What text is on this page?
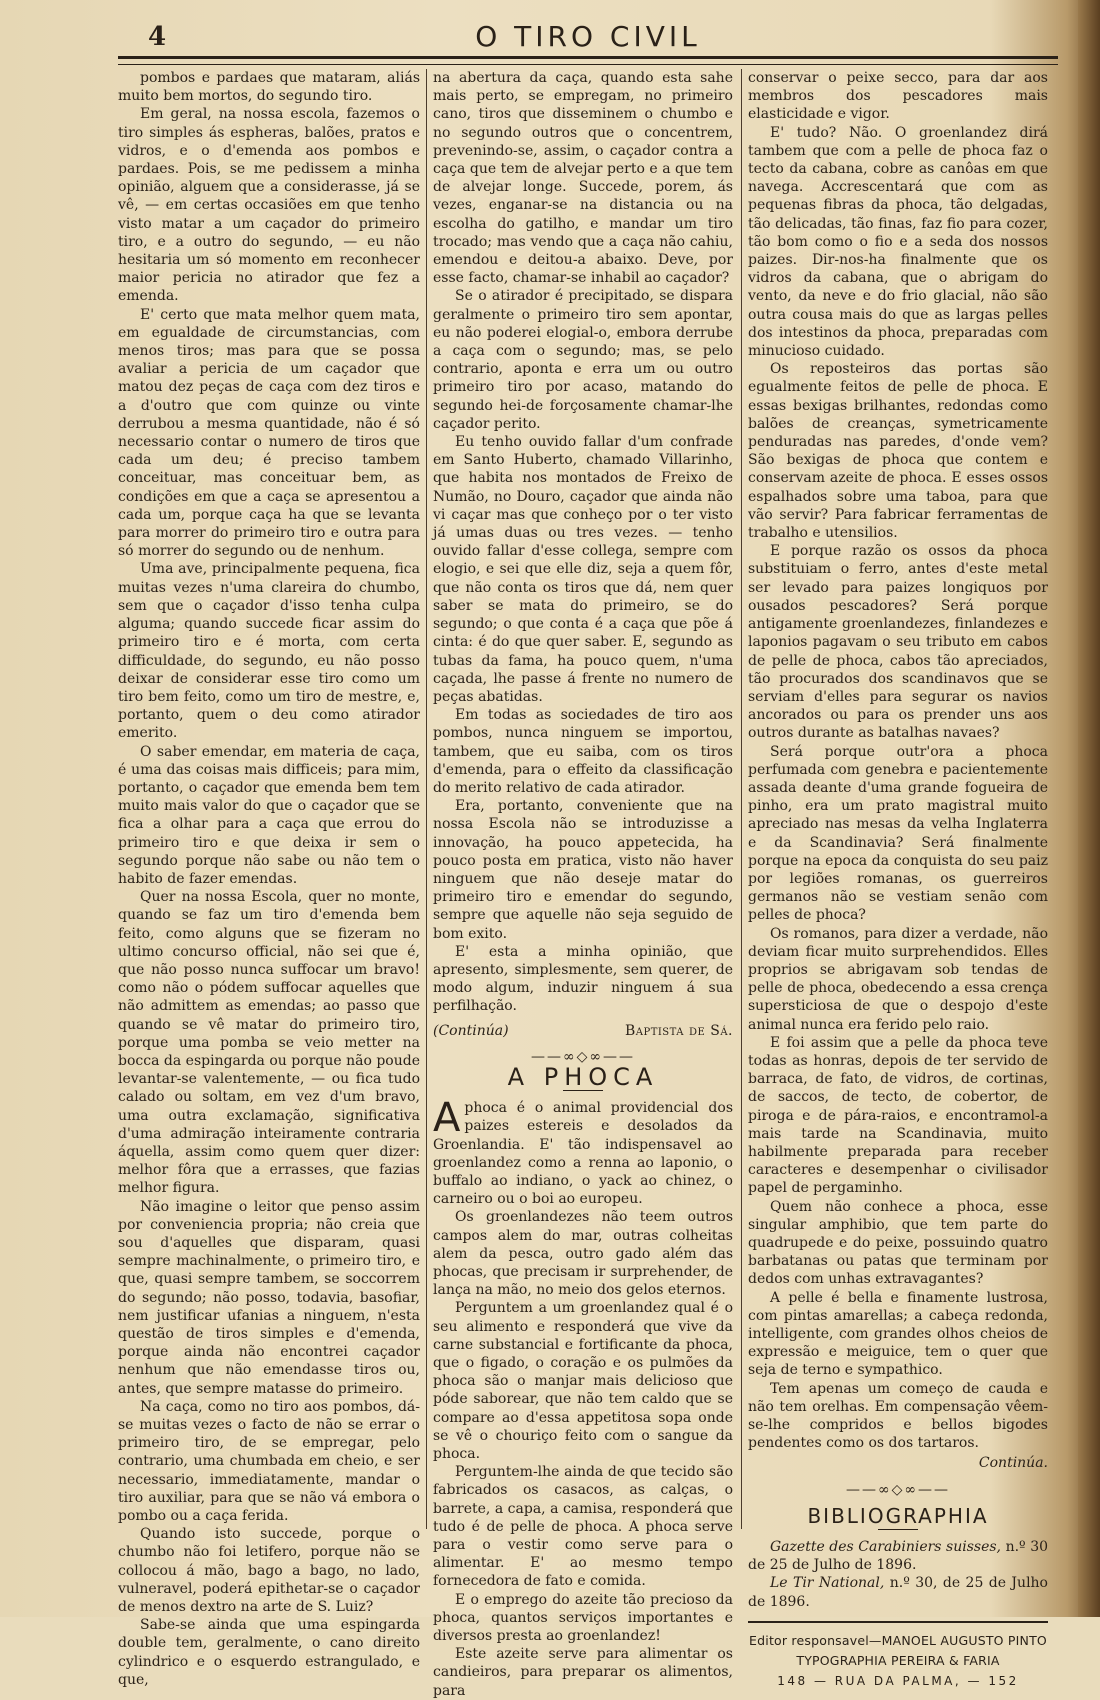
O TIRO CIVIL
4

pombos e pardaes que mataram, aliás muito bem mortos, do segundo tiro.

Em geral, na nossa escola, fazemos o tiro simples ás espheras, balões, pratos e vidros, e o d'emenda aos pombos e pardaes. Pois, se me pedissem a minha opinião, alguem que a considerasse, já se vê, — em certas occasiões em que tenho visto matar a um caçador do primeiro tiro, e a outro do segundo, — eu não hesitaria um só momento em reconhecer maior pericia no atirador que fez a emenda.

E' certo que mata melhor quem mata, em egualdade de circumstancias, com menos tiros; mas para que se possa avaliar a pericia de um caçador que matou dez peças de caça com dez tiros e a d'outro que com quinze ou vinte derrubou a mesma quantidade, não é só necessario contar o numero de tiros que cada um deu; é preciso tambem conceituar, mas conceituar bem, as condições em que a caça se apresentou a cada um, porque caça ha que se levanta para morrer do primeiro tiro e outra para só morrer do segundo ou de nenhum.

Uma ave, principalmente pequena, fica muitas vezes n'uma clareira do chumbo, sem que o caçador d'isso tenha culpa alguma; quando succede ficar assim do primeiro tiro e é morta, com certa difficuldade, do segundo, eu não posso deixar de considerar esse tiro como um tiro bem feito, como um tiro de mestre, e, portanto, quem o deu como atirador emerito.

O saber emendar, em materia de caça, é uma das coisas mais difficeis; para mim, portanto, o caçador que emenda bem tem muito mais valor do que o caçador que se fica a olhar para a caça que errou do primeiro tiro e que deixa ir sem o segundo porque não sabe ou não tem o habito de fazer emendas.

Quer na nossa Escola, quer no monte, quando se faz um tiro d'emenda bem feito, como alguns que se fizeram no ultimo concurso official, não sei que é, que não posso nunca suffocar um bravo! como não o pódem suffocar aquelles que não admittem as emendas; ao passo que quando se vê matar do primeiro tiro, porque uma pomba se veio metter na bocca da espingarda ou porque não poude levantar-se valentemente, — ou fica tudo calado ou soltam, em vez d'um bravo, uma outra exclamação, significativa d'uma admiração inteiramente contraria áquella, assim como quem quer dizer: melhor fôra que a errasses, que fazias melhor figura.

Não imagine o leitor que penso assim por conveniencia propria; não creia que sou d'aquelles que disparam, quasi sempre machinalmente, o primeiro tiro, e que, quasi sempre tambem, se soccorrem do segundo; não posso, todavia, basofiar, nem justificar ufanias a ninguem, n'esta questão de tiros simples e d'emenda, porque ainda não encontrei caçador nenhum que não emendasse tiros ou, antes, que sempre matasse do primeiro.

Na caça, como no tiro aos pombos, dá-se muitas vezes o facto de não se errar o primeiro tiro, de se empregar, pelo contrario, uma chumbada em cheio, e ser necessario, immediatamente, mandar o tiro auxiliar, para que se não vá embora o pombo ou a caça ferida.

Quando isto succede, porque o chumbo não foi letifero, porque não se collocou á mão, bago a bago, no lado, vulneravel, poderá epithetar-se o caçador de menos dextro na arte de S. Luiz?

Sabe-se ainda que uma espingarda double tem, geralmente, o cano direito cylindrico e o esquerdo estrangulado, e que,

na abertura da caça, quando esta sahe mais perto, se empregam, no primeiro cano, tiros que disseminem o chumbo e no segundo outros que o concentrem, prevenindo-se, assim, o caçador contra a caça que tem de alvejar perto e a que tem de alvejar longe. Succede, porem, ás vezes, enganar-se na distancia ou na escolha do gatilho, e mandar um tiro trocado; mas vendo que a caça não cahiu, emendou e deitou-a abaixo. Deve, por esse facto, chamar-se inhabil ao caçador?

Se o atirador é precipitado, se dispara geralmente o primeiro tiro sem apontar, eu não poderei elogial-o, embora derrube a caça com o segundo; mas, se pelo contrario, aponta e erra um ou outro primeiro tiro por acaso, matando do segundo hei-de forçosamente chamar-lhe caçador perito.

Eu tenho ouvido fallar d'um confrade em Santo Huberto, chamado Villarinho, que habita nos montados de Freixo de Numão, no Douro, caçador que ainda não vi caçar mas que conheço por o ter visto já umas duas ou tres vezes. — tenho ouvido fallar d'esse collega, sempre com elogio, e sei que elle diz, seja a quem fôr, que não conta os tiros que dá, nem quer saber se mata do primeiro, se do segundo; o que conta é a caça que põe á cinta: é do que quer saber. E, segundo as tubas da fama, ha pouco quem, n'uma caçada, lhe passe á frente no numero de peças abatidas.

Em todas as sociedades de tiro aos pombos, nunca ninguem se importou, tambem, que eu saiba, com os tiros d'emenda, para o effeito da classificação do merito relativo de cada atirador.

Era, portanto, conveniente que na nossa Escola não se introduzisse a innovação, ha pouco appetecida, ha pouco posta em pratica, visto não haver ninguem que não deseje matar do primeiro tiro e emendar do segundo, sempre que aquelle não seja seguido de bom exito.

E' esta a minha opinião, que apresento, simplesmente, sem querer, de modo algum, induzir ninguem á sua perfilhação.

(Continúa)	Baptista de Sá.
——∞◇∞——
A PHOCA

Aphoca é o animal providencial dos paizes estereis e desolados da Groenlandia. E' tão indispensavel ao groenlandez como a renna ao laponio, o buffalo ao indiano, o yack ao chinez, o carneiro ou o boi ao europeu.

Os groenlandezes não teem outros campos alem do mar, outras colheitas alem da pesca, outro gado além das phocas, que precisam ir surprehender, de lança na mão, no meio dos gelos eternos.

Perguntem a um groenlandez qual é o seu alimento e responderá que vive da carne substancial e fortificante da phoca, que o figado, o coração e os pulmões da phoca são o manjar mais delicioso que póde saborear, que não tem caldo que se compare ao d'essa appetitosa sopa onde se vê o chouriço feito com o sangue da phoca.

Perguntem-lhe ainda de que tecido são fabricados os casacos, as calças, o barrete, a capa, a camisa, responderá que tudo é de pelle de phoca. A phoca serve para o vestir como serve para o alimentar. E' ao mesmo tempo fornecedora de fato e comida.

E o emprego do azeite tão precioso da phoca, quantos serviços importantes e diversos presta ao groenlandez!

Este azeite serve para alimentar os candieiros, para preparar os alimentos, para

conservar o peixe secco, para dar aos membros dos pescadores mais elasticidade e vigor.

E' tudo? Não. O groenlandez dirá tambem que com a pelle de phoca faz o tecto da cabana, cobre as canôas em que navega. Accrescentará que com as pequenas fibras da phoca, tão delgadas, tão delicadas, tão finas, faz fio para cozer, tão bom como o fio e a seda dos nossos paizes. Dir-nos-ha finalmente que os vidros da cabana, que o abrigam do vento, da neve e do frio glacial, não são outra cousa mais do que as largas pelles dos intestinos da phoca, preparadas com minucioso cuidado.

Os reposteiros das portas são egualmente feitos de pelle de phoca. E essas bexigas brilhantes, redondas como balões de creanças, symetricamente penduradas nas paredes, d'onde vem? São bexigas de phoca que contem e conservam azeite de phoca. E esses ossos espalhados sobre uma taboa, para que vão servir? Para fabricar ferramentas de trabalho e utensilios.

E porque razão os ossos da phoca substituiam o ferro, antes d'este metal ser levado para paizes longiquos por ousados pescadores? Será porque antigamente groenlandezes, finlandezes e laponios pagavam o seu tributo em cabos de pelle de phoca, cabos tão apreciados, tão procurados dos scandinavos que se serviam d'elles para segurar os navios ancorados ou para os prender uns aos outros durante as batalhas navaes?

Será porque outr'ora a phoca perfumada com genebra e pacientemente assada deante d'uma grande fogueira de pinho, era um prato magistral muito apreciado nas mesas da velha Inglaterra e da Scandinavia? Será finalmente porque na epoca da conquista do seu paiz por legiões romanas, os guerreiros germanos não se vestiam senão com pelles de phoca?

Os romanos, para dizer a verdade, não deviam ficar muito surprehendidos. Elles proprios se abrigavam sob tendas de pelle de phoca, obedecendo a essa crença supersticiosa de que o despojo d'este animal nunca era ferido pelo raio.

E foi assim que a pelle da phoca teve todas as honras, depois de ter servido de barraca, de fato, de vidros, de cortinas, de saccos, de tecto, de cobertor, de piroga e de pára-raios, e encontramol-a mais tarde na Scandinavia, muito habilmente preparada para receber caracteres e desempenhar o civilisador papel de pergaminho.

Quem não conhece a phoca, esse singular amphibio, que tem parte do quadrupede e do peixe, possuindo quatro barbatanas ou patas que terminam por dedos com unhas extravagantes?

A pelle é bella e finamente lustrosa, com pintas amarellas; a cabeça redonda, intelligente, com grandes olhos cheios de expressão e meiguice, tem o quer que seja de terno e sympathico.

Tem apenas um começo de cauda e não tem orelhas. Em compensação vêem-se-lhe compridos e bellos bigodes pendentes como os dos tartaros.

Continúa.
——∞◇∞——
BIBLIOGRAPHIA

Gazette des Carabiniers suisses, n.º 30 de 25 de Julho de 1896.

Le Tir National, n.º 30, de 25 de Julho de 1896.

Editor responsavel—MANOEL AUGUSTO PINTO
TYPOGRAPHIA PEREIRA & FARIA
148 — RUA DA PALMA, — 152
